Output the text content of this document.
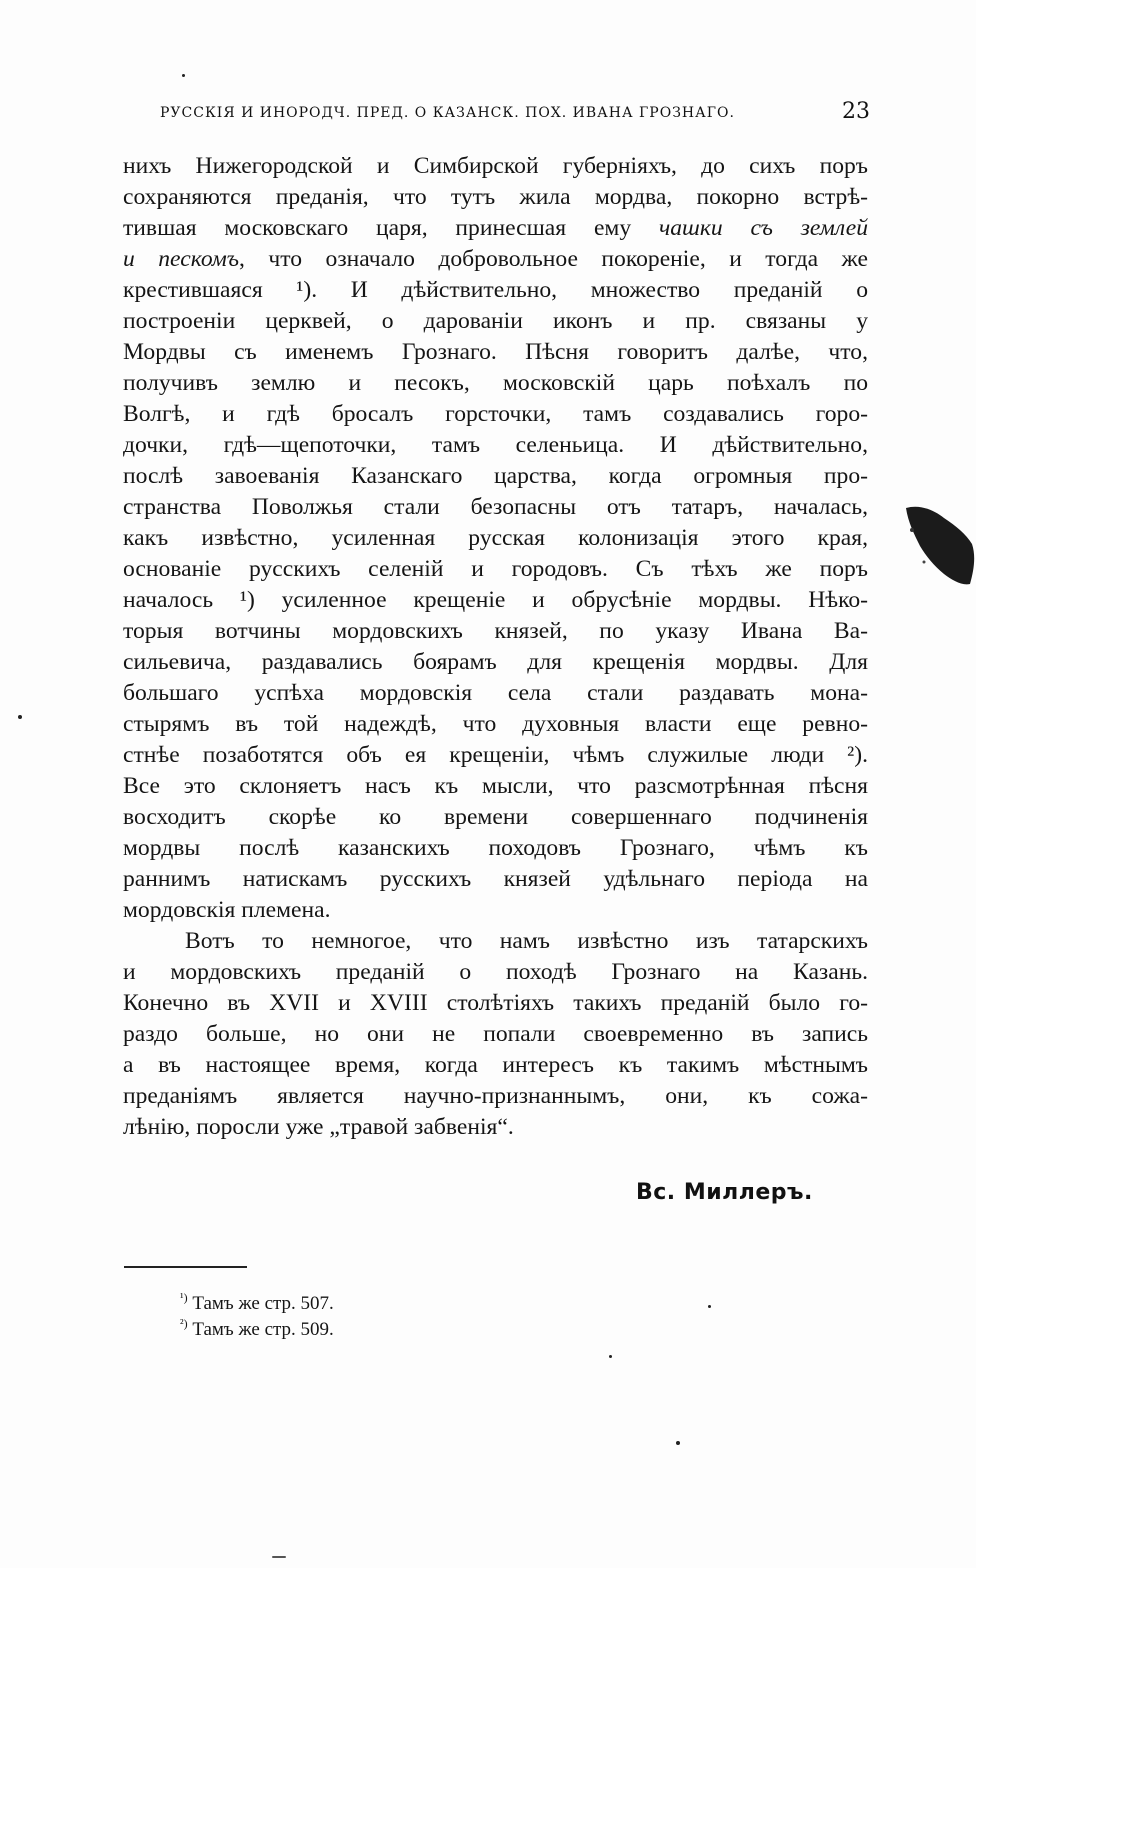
РУССКІЯ И ИНОРОДЧ. ПРЕД. О КАЗАНСК. ПОХ. ИВАНА ГРОЗНАГО.	23
нихъ Нижегородской и Симбирской губерніяхъ, до сихъ поръ
сохраняются преданія, что тутъ жила мордва, покорно встрѣ-
тившая московскаго царя, принесшая ему чашки съ землей
и пескомъ, что означало добровольное покореніе, и тогда же
крестившаяся ¹). И дѣйствительно, множество преданій о
построеніи церквей, о дарованіи иконъ и пр. связаны у
Мордвы съ именемъ Грознаго. Пѣсня говоритъ далѣе, что,
получивъ землю и песокъ, московскій царь поѣхалъ по
Волгѣ, и гдѣ бросалъ горсточки, тамъ создавались горо-
дочки, гдѣ—щепоточки, тамъ селеньица. И дѣйствительно,
послѣ завоеванія Казанскаго царства, когда огромныя про-
странства Поволжья стали безопасны отъ татаръ, началась,
какъ извѣстно, усиленная русская колонизація этого края,
основаніе русскихъ селеній и городовъ. Съ тѣхъ же поръ
началось ¹) усиленное крещеніе и обрусѣніе мордвы. Нѣко-
торыя вотчины мордовскихъ князей, по указу Ивана Ва-
сильевича, раздавались боярамъ для крещенія мордвы. Для
большаго успѣха мордовскія села стали раздавать мона-
стырямъ въ той надеждѣ, что духовныя власти еще ревно-
стнѣе позаботятся объ ея крещеніи, чѣмъ служилые люди ²).
Все это склоняетъ насъ къ мысли, что разсмотрѣнная пѣсня
восходитъ скорѣе ко времени совершеннаго подчиненія
мордвы послѣ казанскихъ походовъ Грознаго, чѣмъ къ
раннимъ натискамъ русскихъ князей удѣльнаго періода на
мордовскія племена.
Вотъ то немногое, что намъ извѣстно изъ татарскихъ
и мордовскихъ преданій о походѣ Грознаго на Казань.
Конечно въ XVII и XVIII столѣтіяхъ такихъ преданій было го-
раздо больше, но они не попали своевременно въ запись
а въ настоящее время, когда интересъ къ такимъ мѣстнымъ
преданіямъ является научно-признаннымъ, они, къ сожа-
лѣнію, поросли уже „травой забвенія“.
Вс. Миллеръ.
$^{^1)}$ Тамъ же стр. 507.
$^{^2)}$ Тамъ же стр. 509.
